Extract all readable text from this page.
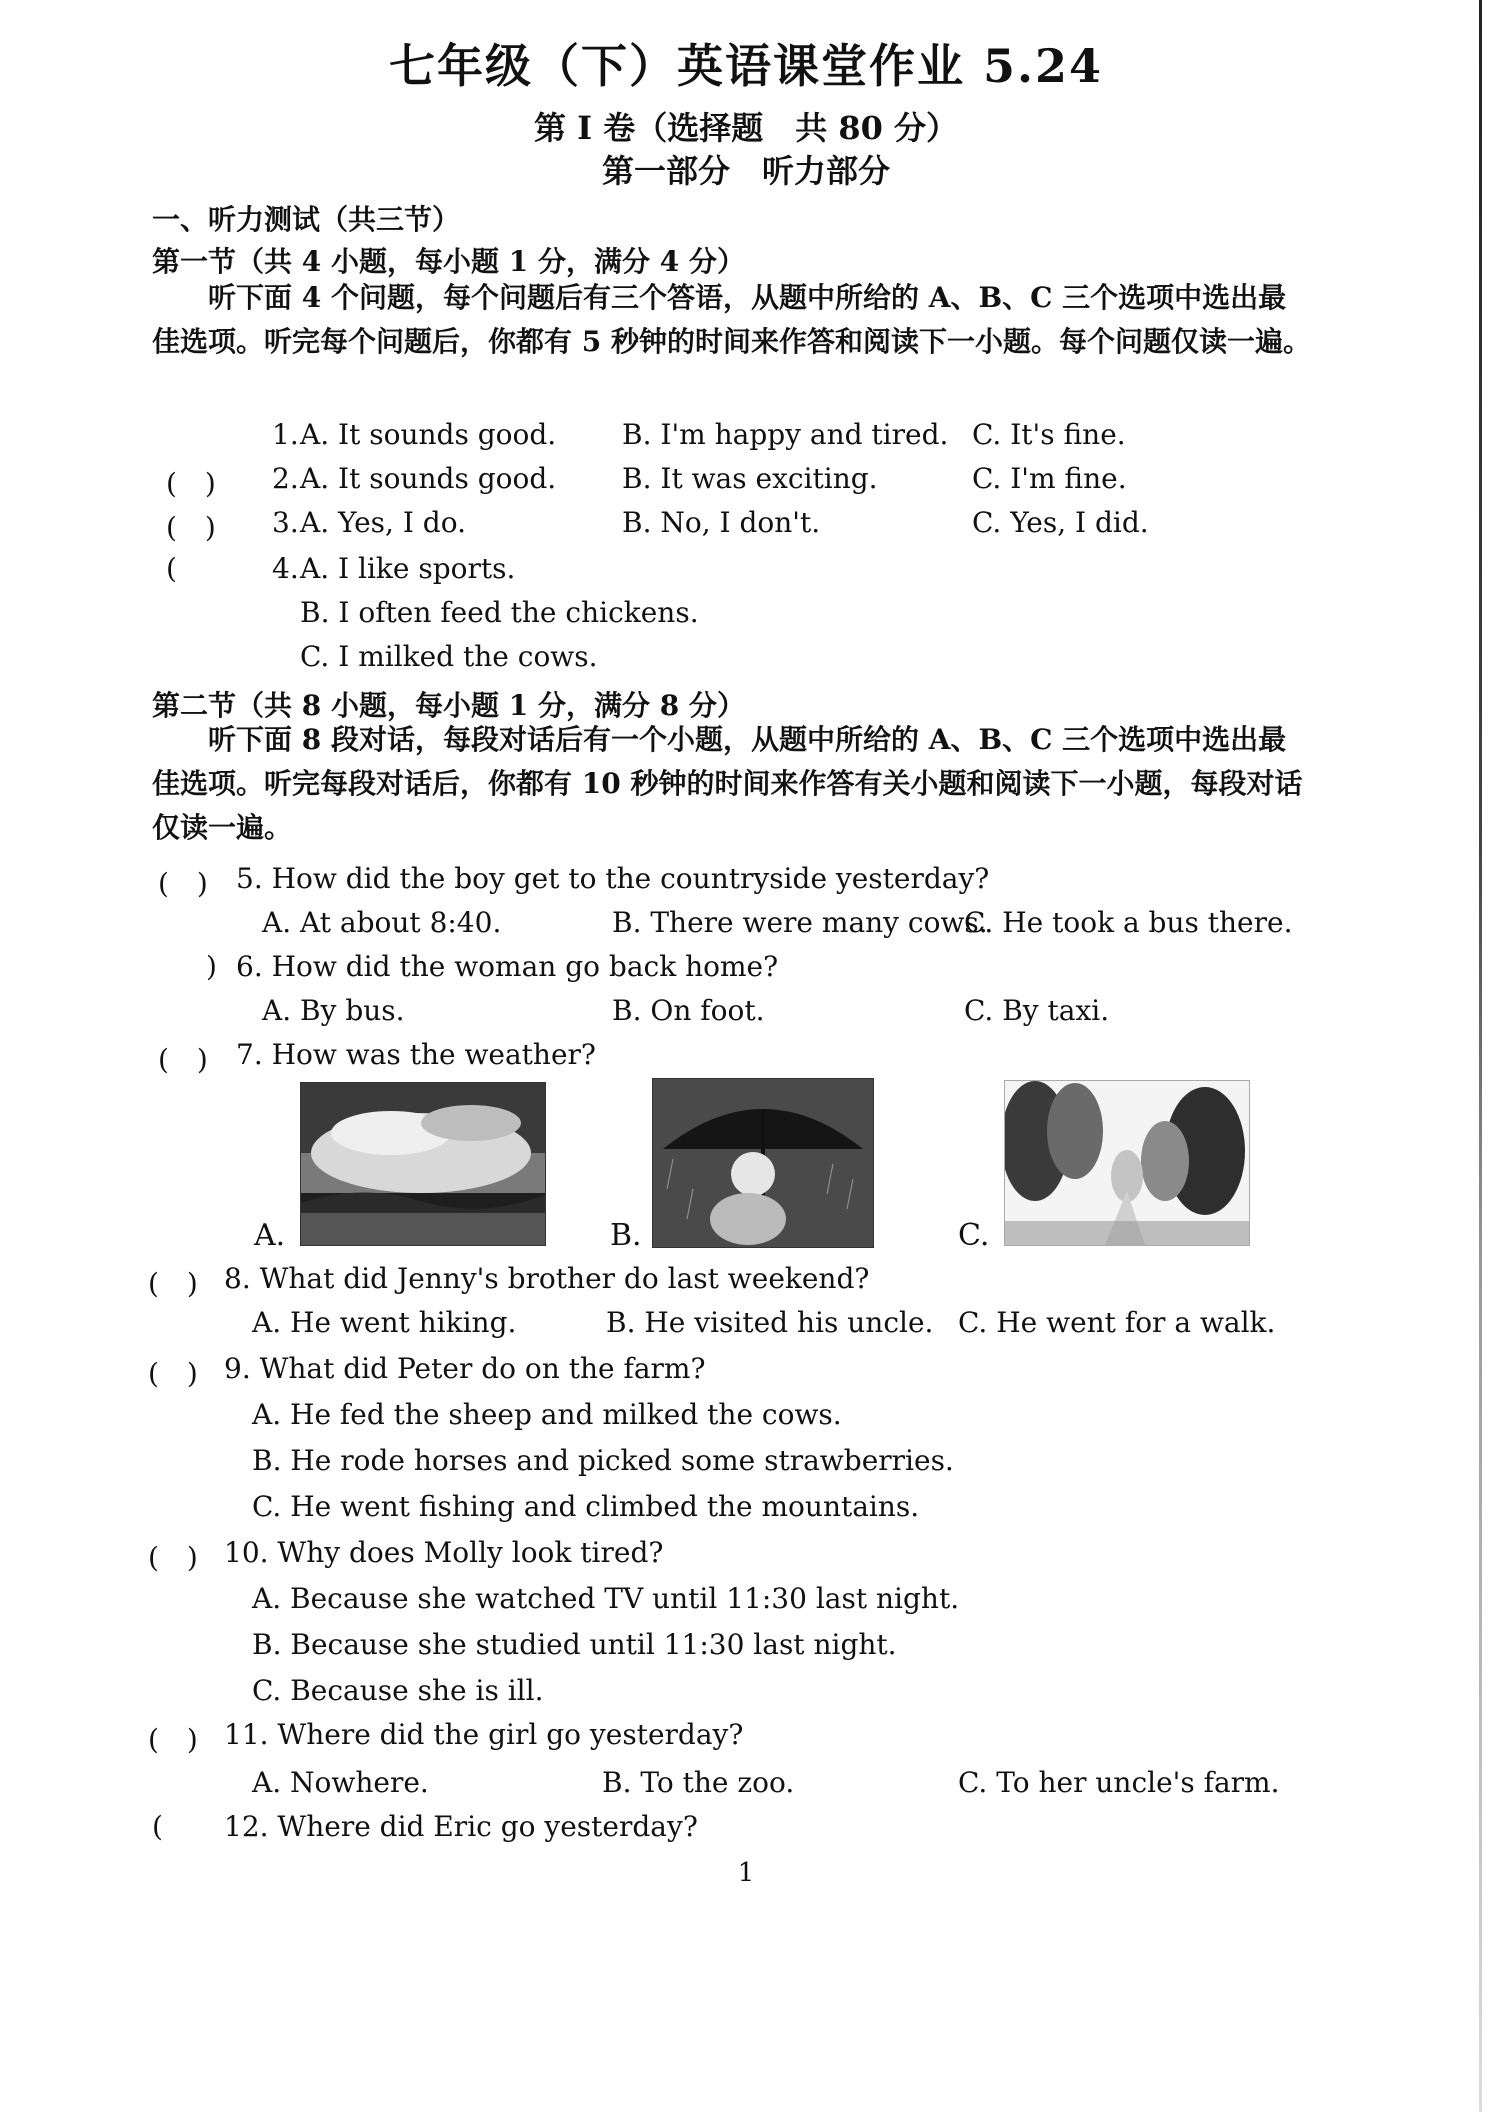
七年级（下）英语课堂作业 5.24
第 I 卷（选择题　共 80 分）
第一部分　听力部分
一、听力测试（共三节）
第一节（共 4 小题，每小题 1 分，满分 4 分）
听下面 4 个问题，每个问题后有三个答语，从题中所给的 A、B、C 三个选项中选出最佳选项。听完每个问题后，你都有 5 秒钟的时间来作答和阅读下一小题。每个问题仅读一遍。
1. A. It sounds good. B. I'm happy and tired. C. It's fine.
(　) 2. A. It sounds good. B. It was exciting.	C. I'm fine.
(　) 3. A. Yes, I do.	B. No, I don't.	C. Yes, I did.
(	4. A. I like sports.
B. I often feed the chickens.
C. I milked the cows.
第二节（共 8 小题，每小题 1 分，满分 8 分）
听下面 8 段对话，每段对话后有一个小题，从题中所给的 A、B、C 三个选项中选出最佳选项。听完每段对话后，你都有 10 秒钟的时间来作答有关小题和阅读下一小题，每段对话仅读一遍。
(　) 5. How did the boy get to the countryside yesterday?
A. At about 8:40.	B. There were many cows.
C. He took a bus there.
) 6. How did the woman go back home?
A. By bus.	B. On foot.	C. By taxi.
(　) 7. How was the weather?
A.	B.	C.
(　) 8. What did Jenny's brother do last weekend?
A. He went hiking.	B. He visited his uncle. C. He went for a walk.
(　) 9. What did Peter do on the farm?
A. He fed the sheep and milked the cows.
B. He rode horses and picked some strawberries.
C. He went fishing and climbed the mountains.
(　) 10. Why does Molly look tired?
A. Because she watched TV until 11:30 last night.
B. Because she studied until 11:30 last night.
C. Because she is ill.
(　) 11. Where did the girl go yesterday?
A. Nowhere.	B. To the zoo.	C. To her uncle's farm.
( 12. Where did Eric go yesterday?
1
